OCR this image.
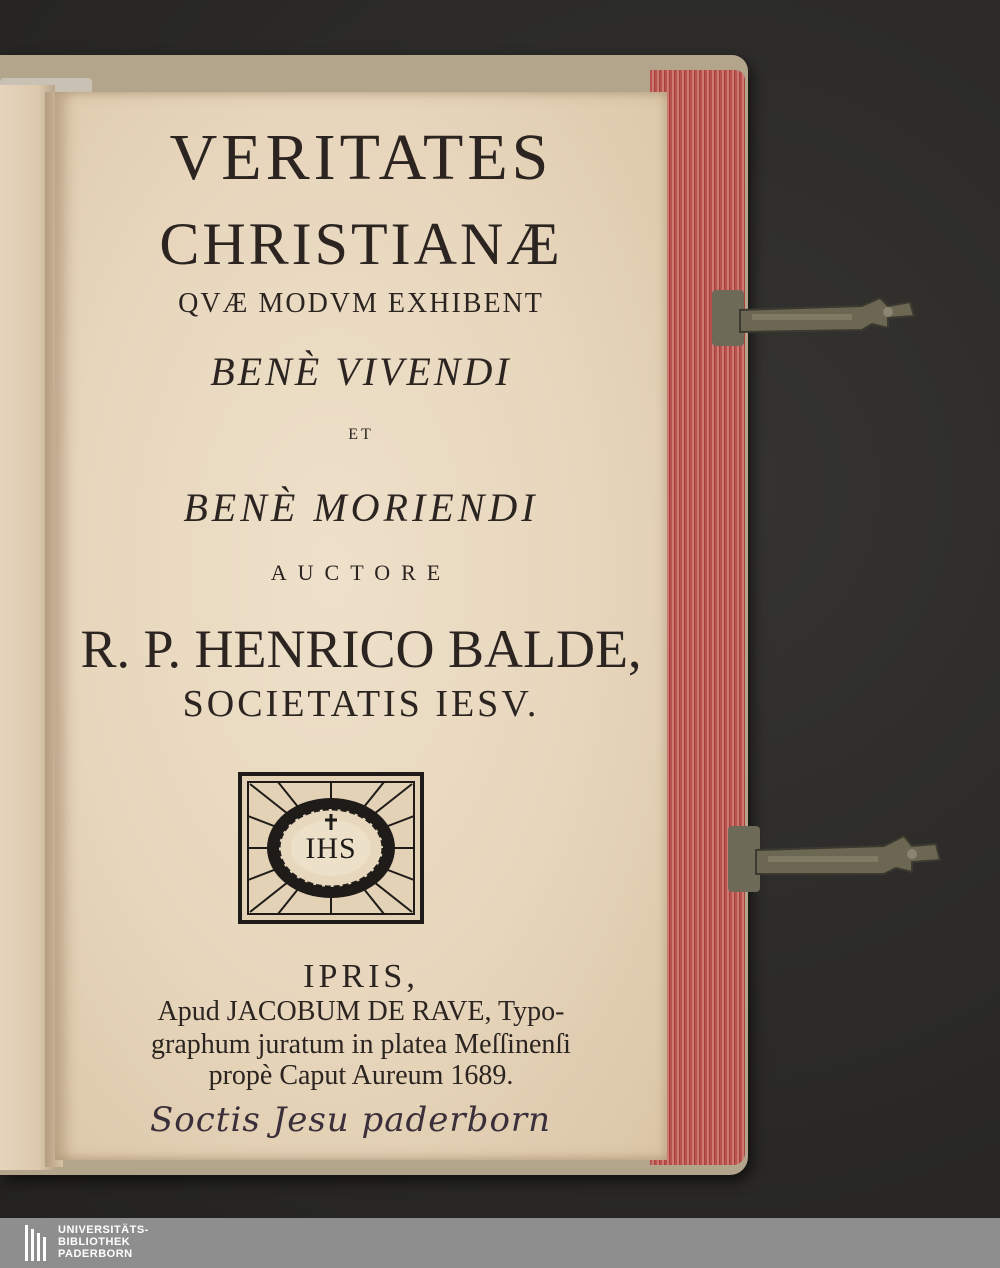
VERITATES
CHRISTIANÆ
QVÆ MODVM EXHIBENT
BENÈ VIVENDI
ET
BENÈ MORIENDI
AUCTORE
R. P. HENRICO BALDE,
SOCIETATIS IESV.
IHS
IPRIS,
Apud JACOBUM DE RAVE, Typo-
graphum juratum in platea Meſſinenſi
propè Caput Aureum 1689.
Soctis Jesu paderborn
UNIVERSITÄTS-
BIBLIOTHEK
PADERBORN
